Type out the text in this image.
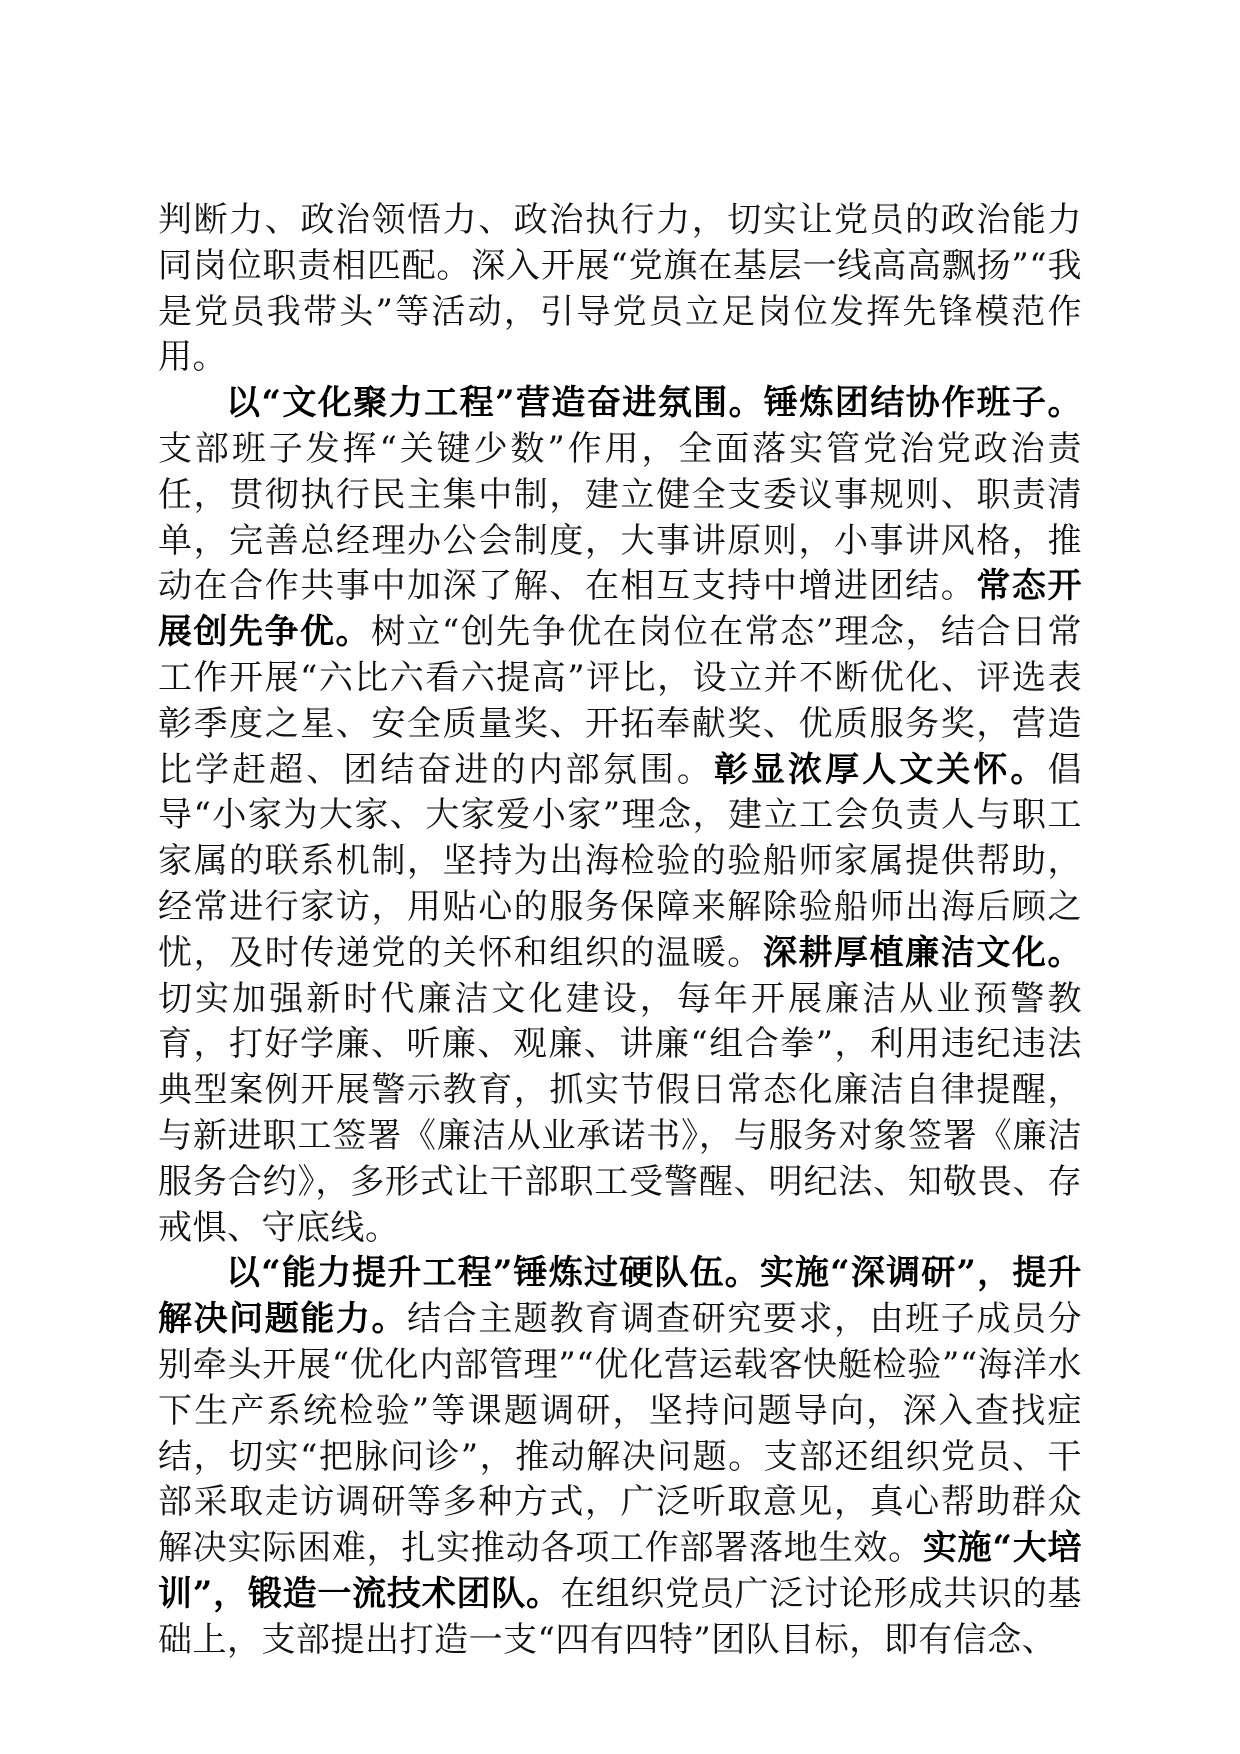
判断力、政治领悟力、政治执行力，切实让党员的政治能力同岗位职责相匹配。深入开展“党旗在基层一线高高飘扬”“我是党员我带头”等活动，引导党员立足岗位发挥先锋模范作用。

以“文化聚力工程”营造奋进氛围。锤炼团结协作班子。支部班子发挥“关键少数”作用，全面落实管党治党政治责任，贯彻执行民主集中制，建立健全支委议事规则、职责清单，完善总经理办公会制度，大事讲原则，小事讲风格，推动在合作共事中加深了解、在相互支持中增进团结。常态开展创先争优。树立“创先争优在岗位在常态”理念，结合日常工作开展“六比六看六提高”评比，设立并不断优化、评选表彰季度之星、安全质量奖、开拓奉献奖、优质服务奖，营造比学赶超、团结奋进的内部氛围。彰显浓厚人文关怀。倡导“小家为大家、大家爱小家”理念，建立工会负责人与职工家属的联系机制，坚持为出海检验的验船师家属提供帮助，经常进行家访，用贴心的服务保障来解除验船师出海后顾之忧，及时传递党的关怀和组织的温暖。深耕厚植廉洁文化。切实加强新时代廉洁文化建设，每年开展廉洁从业预警教育，打好学廉、听廉、观廉、讲廉“组合拳”，利用违纪违法典型案例开展警示教育，抓实节假日常态化廉洁自律提醒，与新进职工签署《廉洁从业承诺书》，与服务对象签署《廉洁服务合约》，多形式让干部职工受警醒、明纪法、知敬畏、存戒惧、守底线。

以“能力提升工程”锤炼过硬队伍。实施“深调研”，提升解决问题能力。结合主题教育调查研究要求，由班子成员分别牵头开展“优化内部管理”“优化营运载客快艇检验”“海洋水下生产系统检验”等课题调研，坚持问题导向，深入查找症结，切实“把脉问诊”，推动解决问题。支部还组织党员、干部采取走访调研等多种方式，广泛听取意见，真心帮助群众解决实际困难，扎实推动各项工作部署落地生效。实施“大培训”，锻造一流技术团队。在组织党员广泛讨论形成共识的基础上，支部提出打造一支“四有四特”团队目标，即有信念、
